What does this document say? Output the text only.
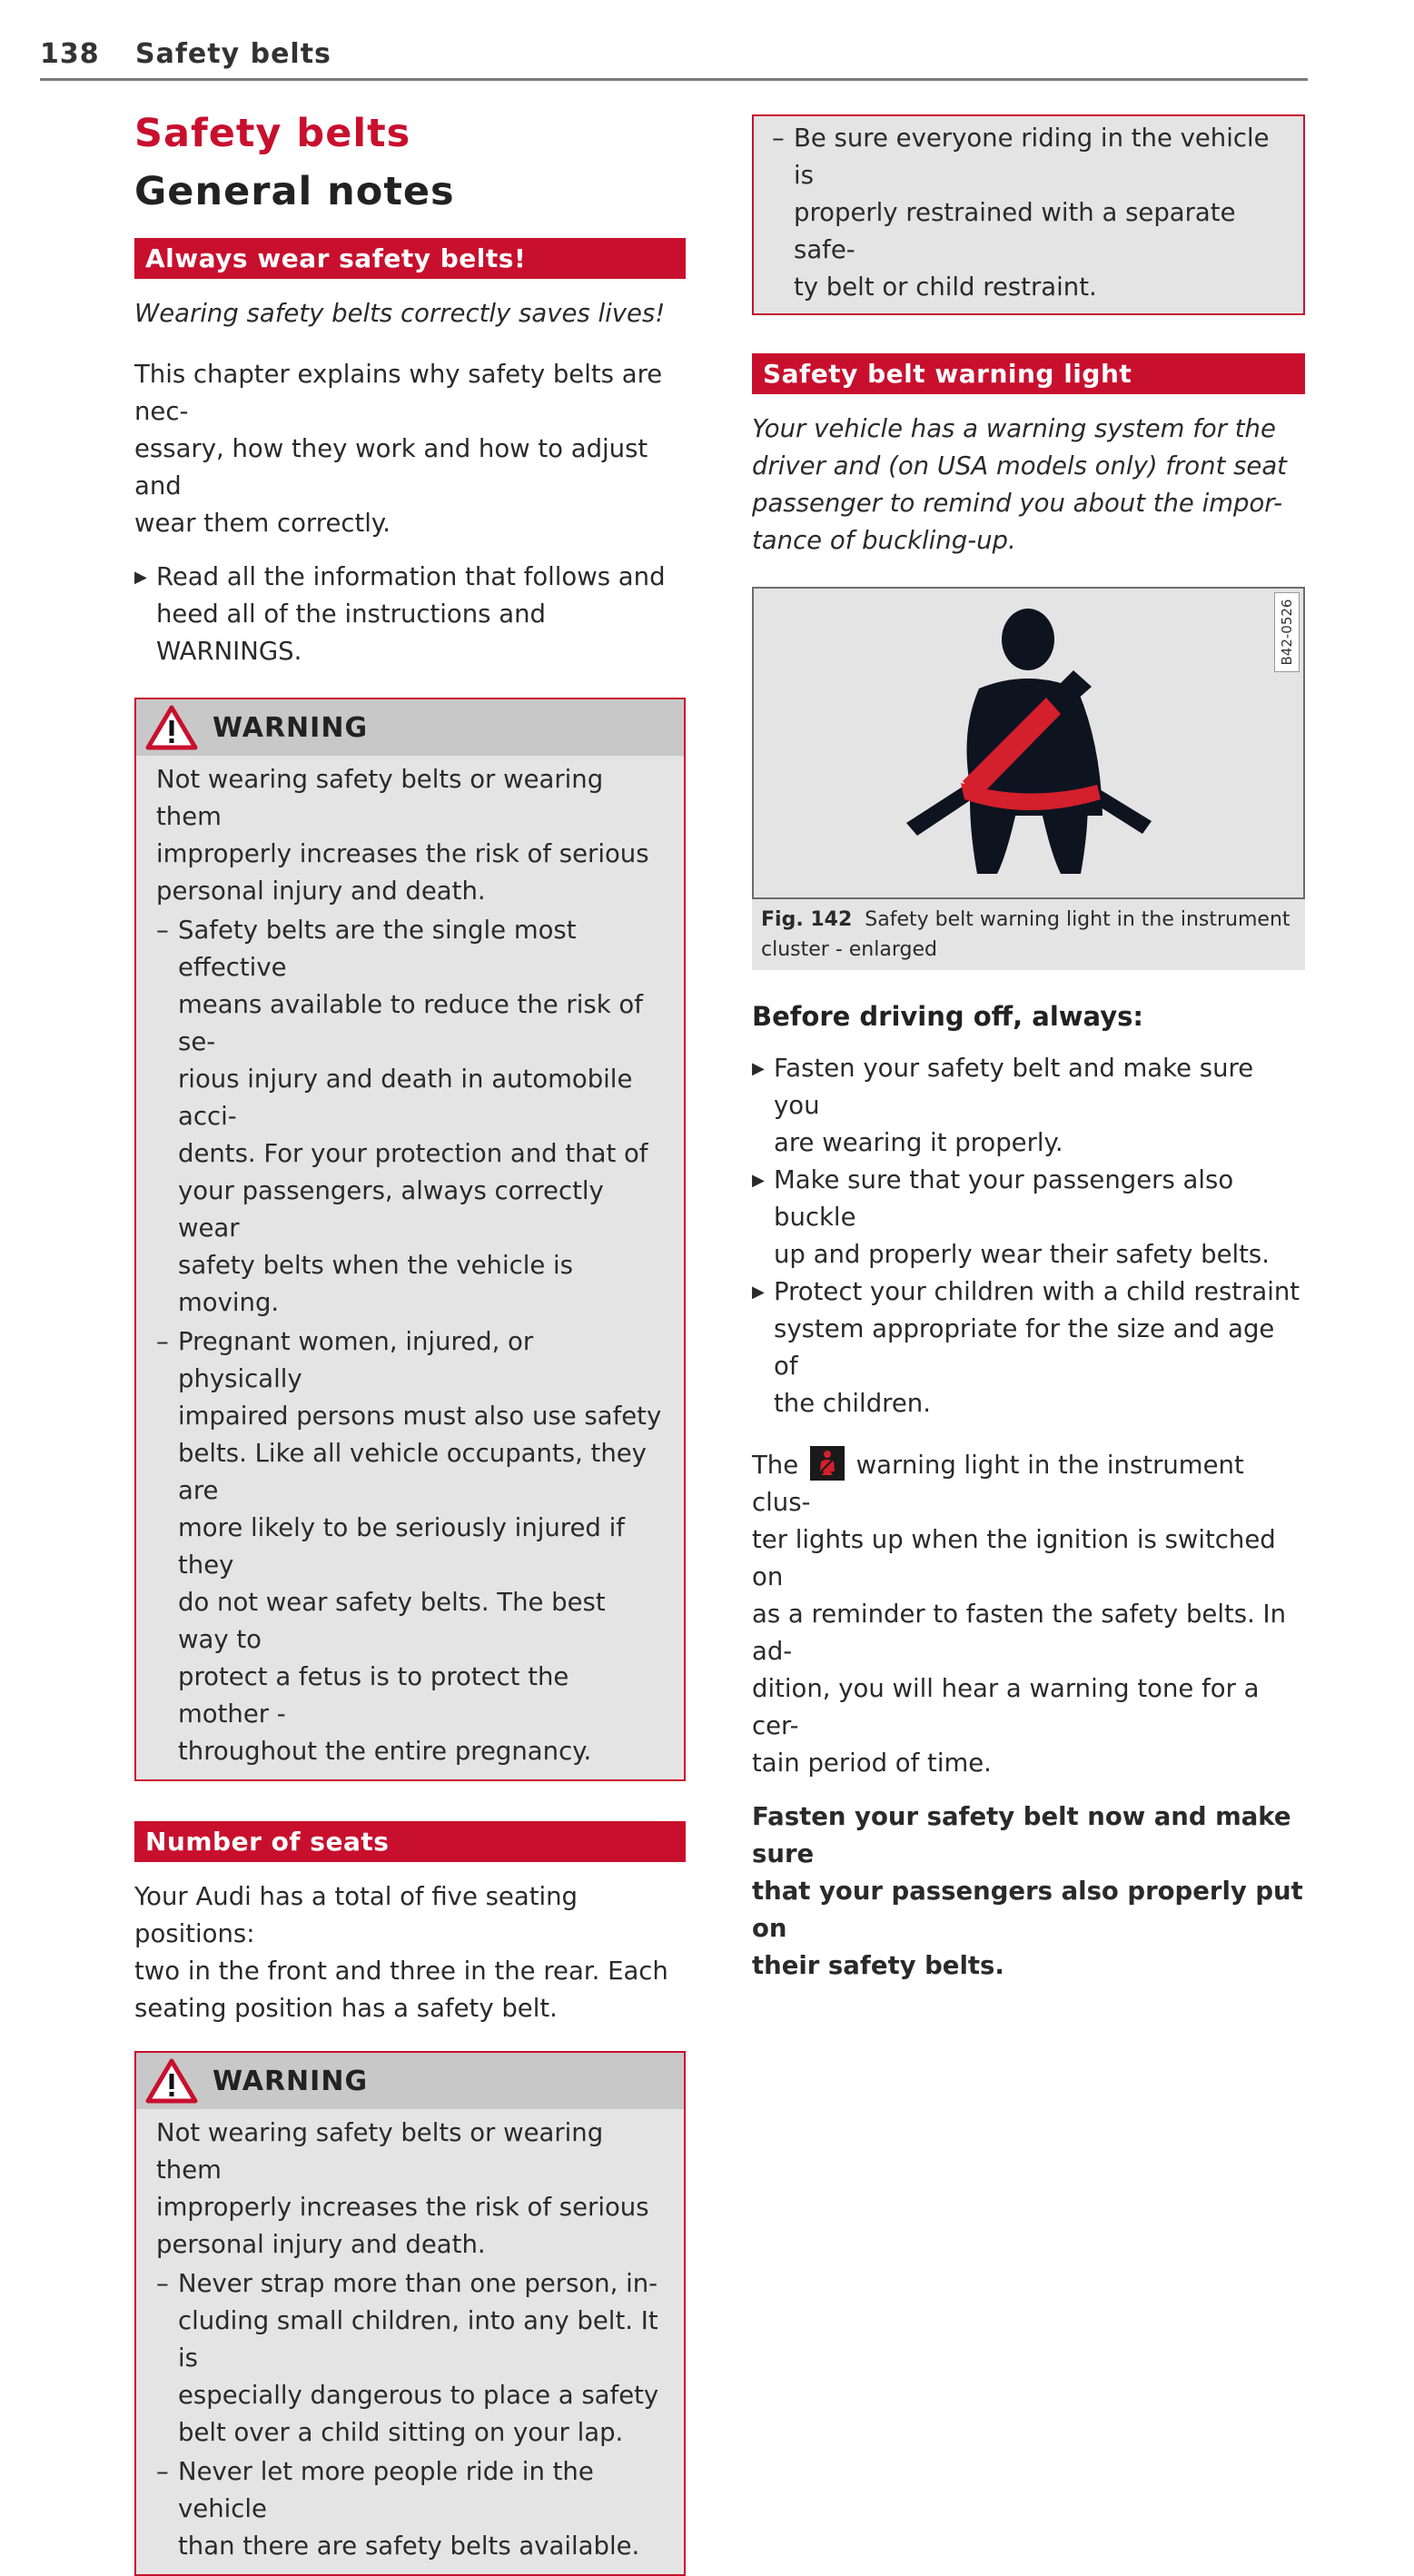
138 Safety belts
Safety belts
General notes
Always wear safety belts!

Wearing safety belts correctly saves lives!

This chapter explains why safety belts are nec-
essary, how they work and how to adjust and
wear them correctly.
▶ Read all the information that follows and
heed all of the instructions and WARNINGS.
WARNING
Not wearing safety belts or wearing them
improperly increases the risk of serious
personal injury and death.
– Safety belts are the single most effective
means available to reduce the risk of se-
rious injury and death in automobile acci-
dents. For your protection and that of
your passengers, always correctly wear
safety belts when the vehicle is moving.
– Pregnant women, injured, or physically
impaired persons must also use safety
belts. Like all vehicle occupants, they are
more likely to be seriously injured if they
do not wear safety belts. The best way to
protect a fetus is to protect the mother -
throughout the entire pregnancy.
Number of seats
Your Audi has a total of five seating positions:
two in the front and three in the rear. Each
seating position has a safety belt.
WARNING
Not wearing safety belts or wearing them
improperly increases the risk of serious
personal injury and death.
– Never strap more than one person, in-
cluding small children, into any belt. It is
especially dangerous to place a safety
belt over a child sitting on your lap.
– Never let more people ride in the vehicle
than there are safety belts available.
– Be sure everyone riding in the vehicle is
properly restrained with a separate safe-
ty belt or child restraint.
Safety belt warning light
Your vehicle has a warning system for the
driver and (on USA models only) front seat
passenger to remind you about the impor-
tance of buckling-up.
B42-0526
Fig. 142 Safety belt warning light in the instrument
cluster - enlarged
Before driving off, always:
▶ Fasten your safety belt and make sure you
are wearing it properly.
▶ Make sure that your passengers also buckle
up and properly wear their safety belts.
▶ Protect your children with a child restraint
system appropriate for the size and age of
the children.
The warning light in the instrument clus-
ter lights up when the ignition is switched on
as a reminder to fasten the safety belts. In ad-
dition, you will hear a warning tone for a cer-
tain period of time.
Fasten your safety belt now and make sure
that your passengers also properly put on
their safety belts.
